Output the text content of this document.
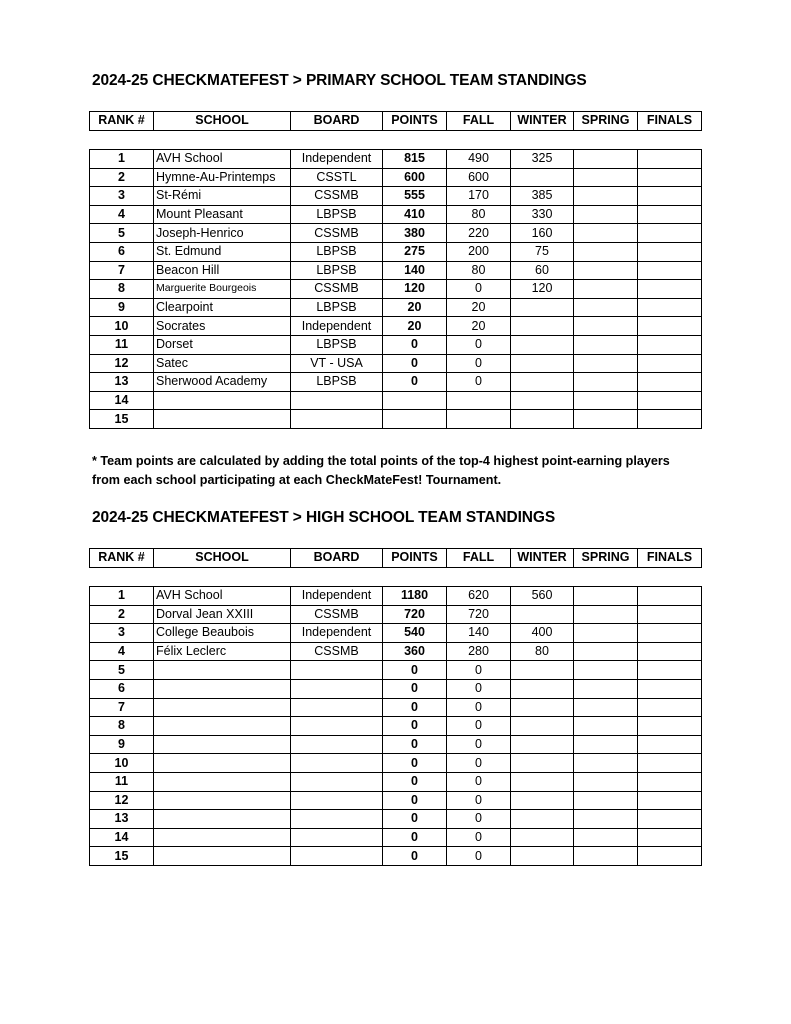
2024-25 CHECKMATEFEST > PRIMARY SCHOOL TEAM STANDINGS
RANK #	SCHOOL	BOARD	POINTS	FALL	WINTER	SPRING	FINALS
1	AVH School	Independent	815	490	325		
2	Hymne-Au-Printemps	CSSTL	600	600			
3	St-Rémi	CSSMB	555	170	385		
4	Mount Pleasant	LBPSB	410	80	330		
5	Joseph-Henrico	CSSMB	380	220	160		
6	St. Edmund	LBPSB	275	200	75		
7	Beacon Hill	LBPSB	140	80	60		
8	Marguerite Bourgeois	CSSMB	120	0	120		
9	Clearpoint	LBPSB	20	20			
10	Socrates	Independent	20	20			
11	Dorset	LBPSB	0	0			
12	Satec	VT - USA	0	0			
13	Sherwood Academy	LBPSB	0	0			
14							
15							

* Team points are calculated by adding the total points of the top-4 highest point-earning players

from each school participating at each CheckMateFest! Tournament.

2024-25 CHECKMATEFEST > HIGH SCHOOL TEAM STANDINGS
RANK #	SCHOOL	BOARD	POINTS	FALL	WINTER	SPRING	FINALS
1	AVH School	Independent	1180	620	560		
2	Dorval Jean XXIII	CSSMB	720	720			
3	College Beaubois	Independent	540	140	400		
4	Félix Leclerc	CSSMB	360	280	80		
5			0	0			
6			0	0			
7			0	0			
8			0	0			
9			0	0			
10			0	0			
11			0	0			
12			0	0			
13			0	0			
14			0	0			
15			0	0			
